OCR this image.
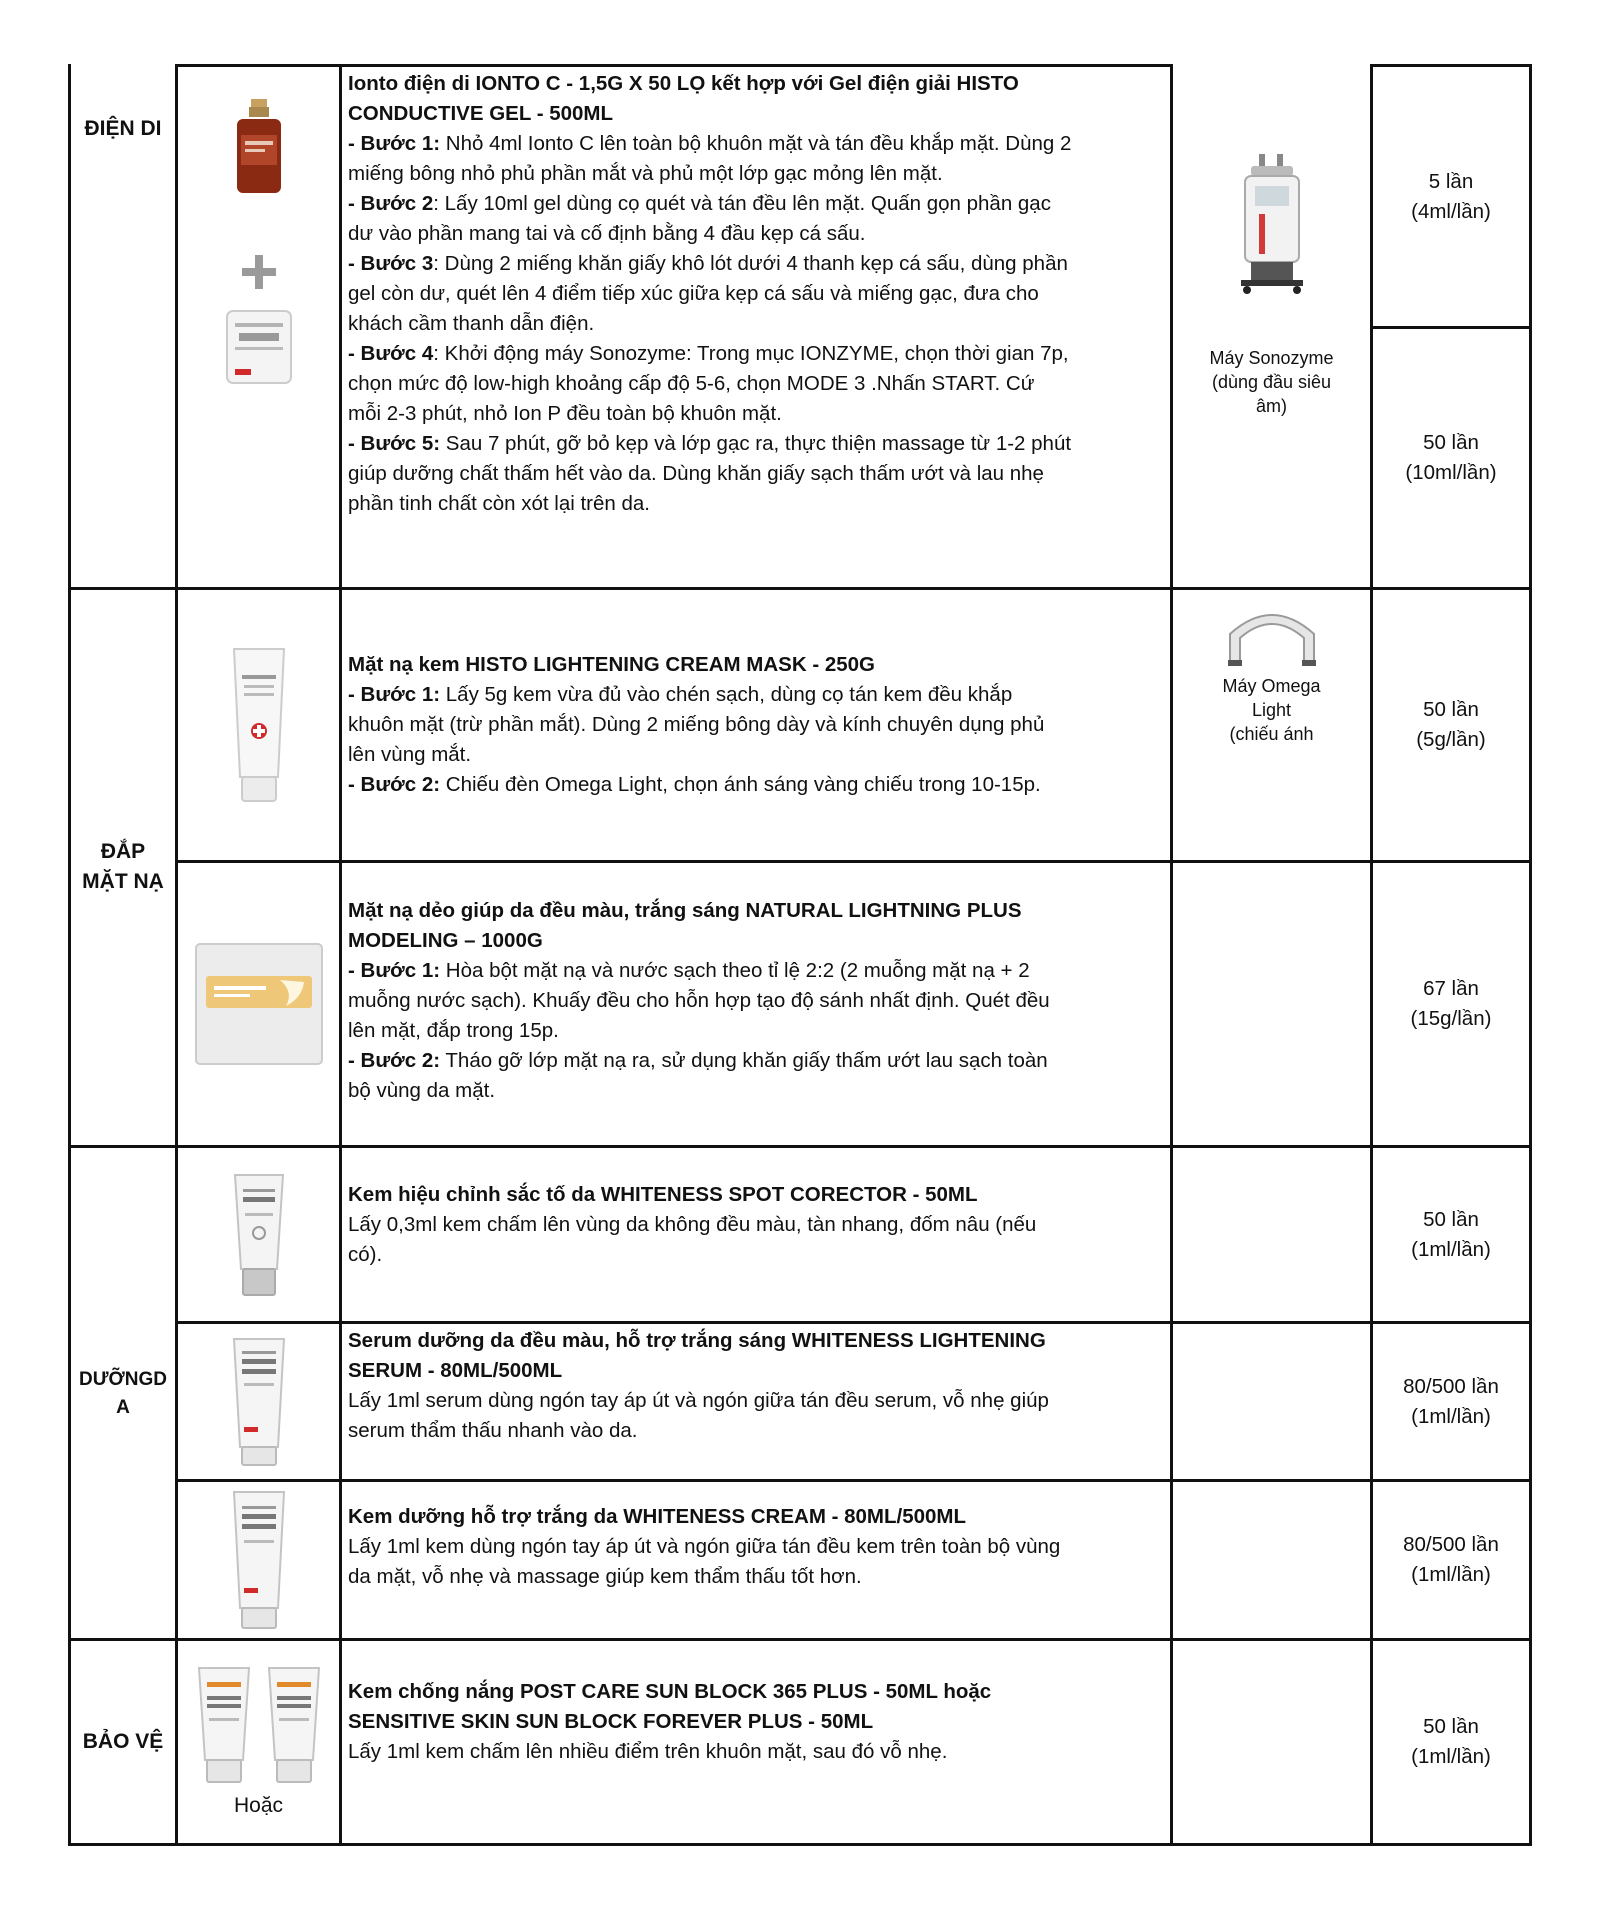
ĐIỆN DI
ĐẮP
MẶT NẠ
DƯỠNGD
A
BẢO VỆ
Ionto điện di IONTO C - 1,5G X 50 LỌ kết hợp với Gel điện giải HISTO
CONDUCTIVE GEL - 500ML
- Bước 1: Nhỏ 4ml Ionto C lên toàn bộ khuôn mặt và tán đều khắp mặt. Dùng 2
miếng bông nhỏ phủ phần mắt và phủ một lớp gạc mỏng lên mặt.
- Bước 2: Lấy 10ml gel dùng cọ quét và tán đều lên mặt. Quấn gọn phần gạc
dư vào phần mang tai và cố định bằng 4 đầu kẹp cá sấu.
- Bước 3: Dùng 2 miếng khăn giấy khô lót dưới 4 thanh kẹp cá sấu, dùng phần
gel còn dư, quét lên 4 điểm tiếp xúc giữa kẹp cá sấu và miếng gạc, đưa cho
khách cầm thanh dẫn điện.
- Bước 4: Khởi động máy Sonozyme: Trong mục IONZYME, chọn thời gian 7p,
chọn mức độ low-high khoảng cấp độ 5-6, chọn MODE 3 .Nhấn START. Cứ
mỗi 2-3 phút, nhỏ Ion P đều toàn bộ khuôn mặt.
- Bước 5: Sau 7 phút, gỡ bỏ kẹp và lớp gạc ra, thực thiện massage từ 1-2 phút
giúp dưỡng chất thấm hết vào da. Dùng khăn giấy sạch thấm ướt và lau nhẹ
phần tinh chất còn xót lại trên da.
Máy Sonozyme
(dùng đầu siêu
âm)
5 lần
(4ml/lần)
50 lần
(10ml/lần)
Mặt nạ kem HISTO LIGHTENING CREAM MASK - 250G
- Bước 1: Lấy 5g kem vừa đủ vào chén sạch, dùng cọ tán kem đều khắp
khuôn mặt (trừ phần mắt). Dùng 2 miếng bông dày và kính chuyên dụng phủ
lên vùng mắt.
- Bước 2: Chiếu đèn Omega Light, chọn ánh sáng vàng chiếu trong 10-15p.
Máy Omega
Light
(chiếu ánh
50 lần
(5g/lần)
Mặt nạ dẻo giúp da đều màu, trắng sáng NATURAL LIGHTNING PLUS
MODELING – 1000G
- Bước 1: Hòa bột mặt nạ và nước sạch theo tỉ lệ 2:2 (2 muỗng mặt nạ + 2
muỗng nước sạch). Khuấy đều cho hỗn hợp tạo độ sánh nhất định. Quét đều
lên mặt, đắp trong 15p.
- Bước 2: Tháo gỡ lớp mặt nạ ra, sử dụng khăn giấy thấm ướt lau sạch toàn
bộ vùng da mặt.
67 lần
(15g/lần)
Kem hiệu chỉnh sắc tố da WHITENESS SPOT CORECTOR - 50ML
Lấy 0,3ml kem chấm lên vùng da không đều màu, tàn nhang, đốm nâu (nếu
có).
50 lần
(1ml/lần)
Serum dưỡng da đều màu, hỗ trợ trắng sáng WHITENESS LIGHTENING
SERUM - 80ML/500ML
Lấy 1ml serum dùng ngón tay áp út và ngón giữa tán đều serum, vỗ nhẹ giúp
serum thẩm thấu nhanh vào da.
80/500 lần
(1ml/lần)
Kem dưỡng hỗ trợ trắng da WHITENESS CREAM - 80ML/500ML
Lấy 1ml kem dùng ngón tay áp út và ngón giữa tán đều kem trên toàn bộ vùng
da mặt, vỗ nhẹ và massage giúp kem thẩm thấu tốt hơn.
80/500 lần
(1ml/lần)
Hoặc
Kem chống nắng POST CARE SUN BLOCK 365 PLUS - 50ML hoặc
SENSITIVE SKIN SUN BLOCK FOREVER PLUS - 50ML
Lấy 1ml kem chấm lên nhiều điểm trên khuôn mặt, sau đó vỗ nhẹ.
50 lần
(1ml/lần)
